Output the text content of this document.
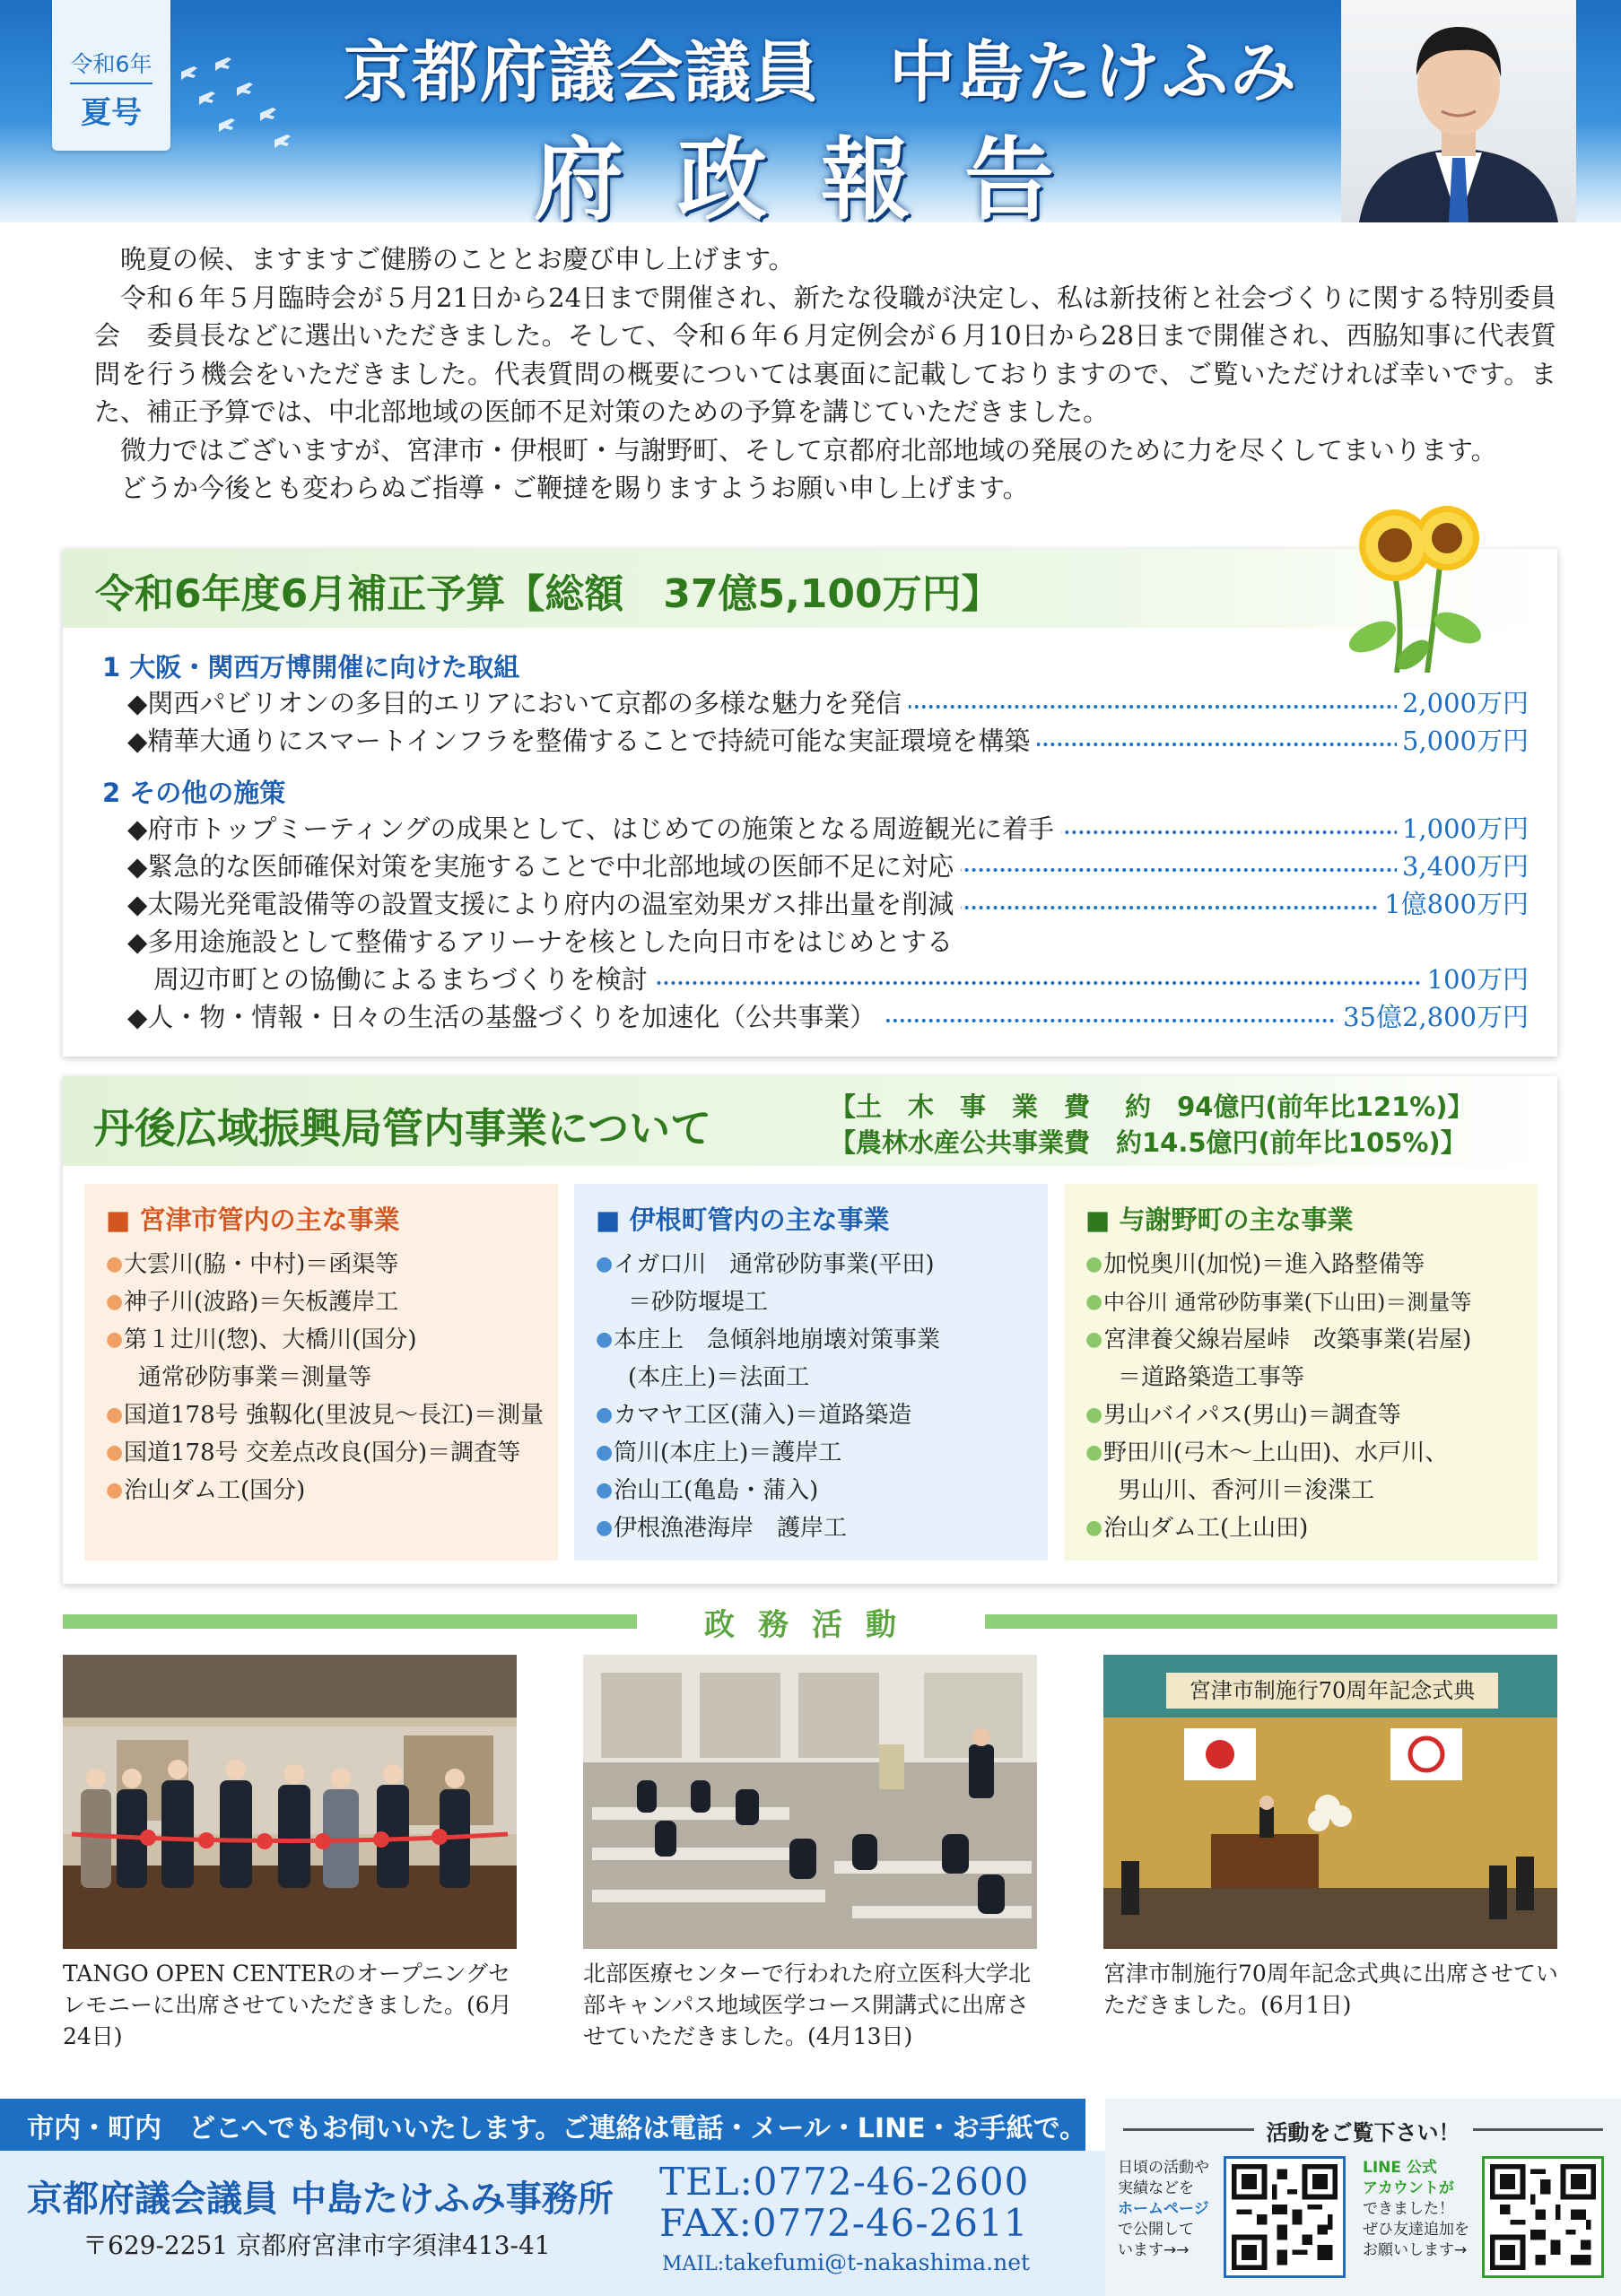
令和6年
夏号
京都府議会議員　中島たけふみ
府政報告

晩夏の候、ますますご健勝のこととお慶び申し上げます。

令和６年５月臨時会が５月21日から24日まで開催され、新たな役職が決定し、私は新技術と社会づくりに関する特別委員会　委員長などに選出いただきました。そして、令和６年６月定例会が６月10日から28日まで開催され、西脇知事に代表質問を行う機会をいただきました。代表質問の概要については裏面に記載しておりますので、ご覧いただければ幸いです。また、補正予算では、中北部地域の医師不足対策のための予算を講じていただきました。

微力ではございますが、宮津市・伊根町・与謝野町、そして京都府北部地域の発展のために力を尽くしてまいります。

どうか今後とも変わらぬご指導・ご鞭撻を賜りますようお願い申し上げます。

令和6年度6月補正予算【総額　37億5,100万円】
1 大阪・関西万博開催に向けた取組
◆関西パビリオンの多目的エリアにおいて京都の多様な魅力を発信	2,000万円
◆精華大通りにスマートインフラを整備することで持続可能な実証環境を構築	5,000万円
2 その他の施策
◆府市トップミーティングの成果として、はじめての施策となる周遊観光に着手	1,000万円
◆緊急的な医師確保対策を実施することで中北部地域の医師不足に対応	3,400万円
◆太陽光発電設備等の設置支援により府内の温室効果ガス排出量を削減	1億800万円
◆多用途施設として整備するアリーナを核とした向日市をはじめとする
　周辺市町との協働によるまちづくりを検討	100万円
◆人・物・情報・日々の生活の基盤づくりを加速化（公共事業）	35億2,800万円
丹後広域振興局管内事業について	【土　木　事　業　費　 約　94億円(前年比121%)】
【農林水産公共事業費　約14.5億円(前年比105%)】
■ 宮津市管内の主な事業
● 大雲川(脇・中村)＝函渠等
● 神子川(波路)＝矢板護岸工
● 第１辻川(惣)、大橋川(国分)
通常砂防事業＝測量等
● 国道178号 強靱化(里波見～長江)＝測量
● 国道178号 交差点改良(国分)＝調査等
● 治山ダム工(国分)
■ 伊根町管内の主な事業
● イガ口川　通常砂防事業(平田)
＝砂防堰堤工
● 本庄上　急傾斜地崩壊対策事業
(本庄上)＝法面工
● カマヤ工区(蒲入)＝道路築造
● 筒川(本庄上)＝護岸工
● 治山工(亀島・蒲入)
● 伊根漁港海岸　護岸工
■ 与謝野町の主な事業
● 加悦奥川(加悦)＝進入路整備等
● 中谷川 通常砂防事業(下山田)＝測量等
● 宮津養父線岩屋峠　改築事業(岩屋)
＝道路築造工事等
● 男山バイパス(男山)＝調査等
● 野田川(弓木～上山田)、水戸川、
男山川、香河川＝浚渫工
● 治山ダム工(上山田)
政務活動
TANGO OPEN CENTERのオープニングセレモニーに出席させていただきました。(6月24日)
北部医療センターで行われた府立医科大学北部キャンパス地域医学コース開講式に出席させていただきました。(4月13日)
宮津市制施行70周年記念式典
宮津市制施行70周年記念式典に出席させていただきました。(6月1日)
市内・町内　どこへでもお伺いいたします。ご連絡は電話・メール・LINE・お手紙で。
京都府議会議員 中島たけふみ事務所
〒629-2251 京都府宮津市字須津413-41
TEL:0772-46-2600
FAX:0772-46-2611
MAIL:takefumi@t-nakashima.net
活動をご覧下さい！
日頃の活動や
実績などを
ホームページ
で公開して
います→→
LINE 公式
アカウントが
できました！
ぜひ友達追加を
お願いします→
